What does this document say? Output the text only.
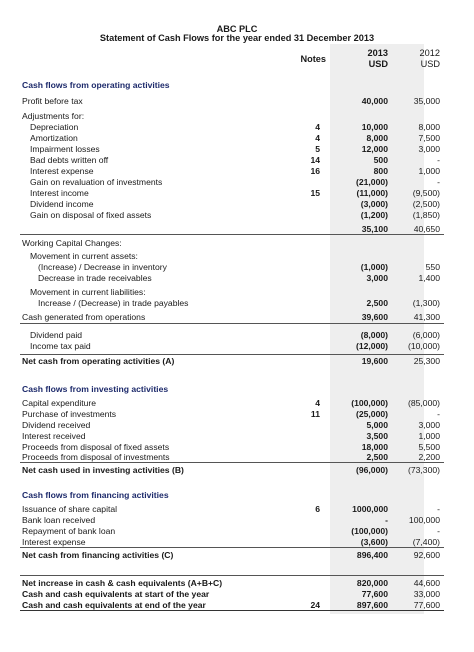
ABC PLC
Statement of Cash Flows for the year ended 31 December 2013
Notes
2013
USD
2012
USD
Cash flows from operating activities
Profit before tax	40,000	35,000
Adjustments for:
Depreciation	4	10,000	8,000
Amortization	4	8,000	7,500
Impairment losses	5	12,000	3,000
Bad debts written off	14	500	-
Interest expense	16	800	1,000
Gain on revaluation of investments	(21,000)	-
Interest income	15	(11,000)	(9,500)
Dividend income	(3,000)	(2,500)
Gain on disposal of fixed assets	(1,200)	(1,850)
35,100	40,650
Working Capital Changes:
Movement in current assets:
(Increase) / Decrease in inventory	(1,000)	550
Decrease in trade receivables	3,000	1,400
Movement in current liabilities:
Increase / (Decrease) in trade payables	2,500	(1,300)
Cash generated from operations	39,600	41,300
Dividend paid	(8,000)	(6,000)
Income tax paid	(12,000)	(10,000)
Net cash from operating activities (A)	19,600	25,300
Cash flows from investing activities
Capital expenditure	4	(100,000)	(85,000)
Purchase of investments	11	(25,000)	-
Dividend received	5,000	3,000
Interest received	3,500	1,000
Proceeds from disposal of fixed assets	18,000	5,500
Proceeds from disposal of investments	2,500	2,200
Net cash used in investing activities (B)	(96,000)	(73,300)
Cash flows from financing activities
Issuance of share capital	6	1000,000	-
Bank loan received	-	100,000
Repayment of bank loan	(100,000)	-
Interest expense	(3,600)	(7,400)
Net cash from financing activities (C)	896,400	92,600
Net increase in cash & cash equivalents (A+B+C)	820,000	44,600
Cash and cash equivalents at start of the year	77,600	33,000
Cash and cash equivalents at end of the year	24	897,600	77,600
